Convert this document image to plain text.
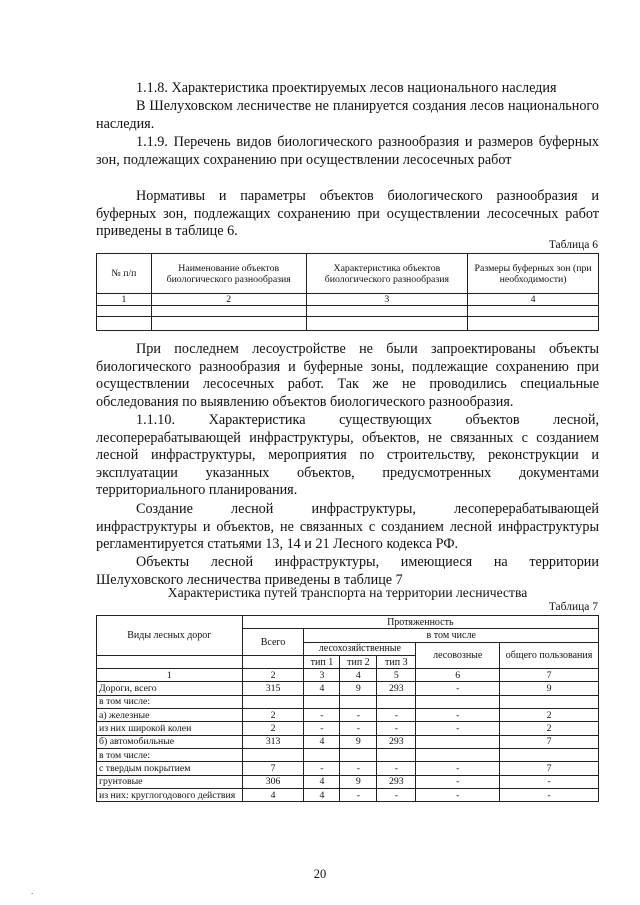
1.1.8. Характеристика проектируемых лесов национального наследия

В Шелуховском лесничестве не планируется создания лесов национального наследия.

1.1.9. Перечень видов биологического разнообразия и размеров буферных зон, подлежащих сохранению при осуществлении лесосечных работ

Нормативы и параметры объектов биологического разнообразия и буферных зон, подлежащих сохранению при осуществлении лесосечных работ приведены в таблице 6.

Таблица 6

№ п/п	Наименование объектов биологического разнообразия	Характеристика объектов биологического разнообразия	Размеры буферных зон (при необходимости)
1	2	3	4

При последнем лесоустройстве не были запроектированы объекты биологического разнообразия и буферные зоны, подлежащие сохранению при осуществлении лесосечных работ. Так же не проводились специальные обследования по выявлению объектов биологического разнообразия.

1.1.10. Характеристика существующих объектов лесной, лесоперерабатывающей инфраструктуры, объектов, не связанных с созданием лесной инфраструктуры, мероприятия по строительству, реконструкции и эксплуатации указанных объектов, предусмотренных документами территориального планирования.

Создание лесной инфраструктуры, лесоперерабатывающей инфраструктуры и объектов, не связанных с созданием лесной инфраструктуры регламентируется статьями 13, 14 и 21 Лесного кодекса РФ.

Объекты лесной инфраструктуры, имеющиеся на территории Шелуховского лесничества приведены в таблице 7

Характеристика путей транспорта на территории лесничества

Таблица 7

Виды лесных дорог	Протяженность					
	Всего	в том числе				
		лесохозяйственные			лесовозные	общего пользования
		тип 1	тип 2	тип 3		
1	2	3	4	5	6	7
Дороги, всего	315	4	9	293	-	9
в том числе:						
а) железные	2	-	-	-	-	2
из них широкой колеи	2	-	-	-	-	2
б) автомобильные	313	4	9	293		7
в том числе:						
с твердым покрытием	7	-	-	-	-	7
грунтовые	306	4	9	293	-	-
из них: круглогодового действия	4	4	-	-	-	-
20
.
